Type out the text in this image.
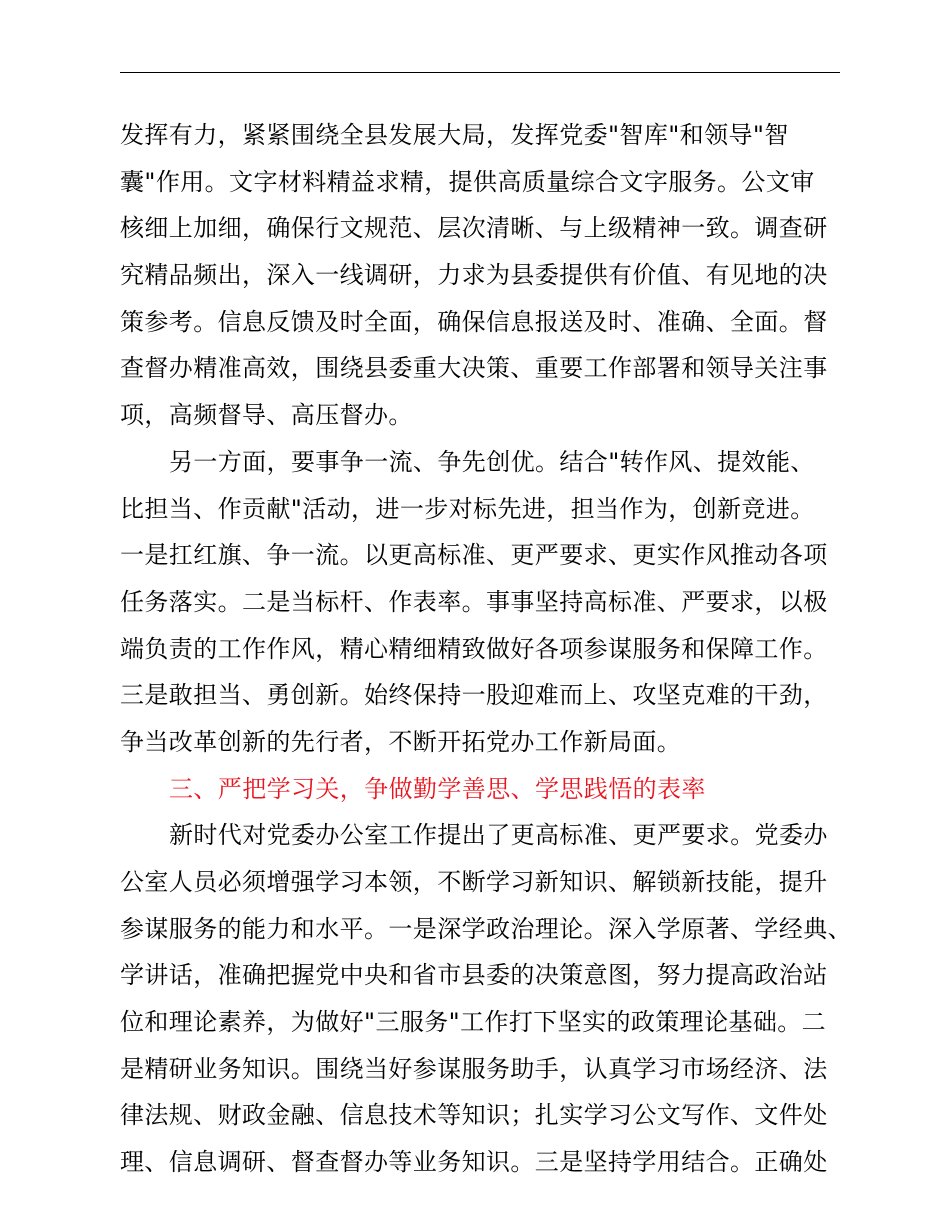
发挥有力，紧紧围绕全县发展大局，发挥党委"智库"和领导"智
囊"作用。文字材料精益求精，提供高质量综合文字服务。公文审
核细上加细，确保行文规范、层次清晰、与上级精神一致。调查研
究精品频出，深入一线调研，力求为县委提供有价值、有见地的决
策参考。信息反馈及时全面，确保信息报送及时、准确、全面。督
查督办精准高效，围绕县委重大决策、重要工作部署和领导关注事
项，高频督导、高压督办。
另一方面，要事争一流、争先创优。结合"转作风、提效能、
比担当、作贡献"活动，进一步对标先进，担当作为，创新竞进。
一是扛红旗、争一流。以更高标准、更严要求、更实作风推动各项
任务落实。二是当标杆、作表率。事事坚持高标准、严要求，以极
端负责的工作作风，精心精细精致做好各项参谋服务和保障工作。
三是敢担当、勇创新。始终保持一股迎难而上、攻坚克难的干劲，
争当改革创新的先行者，不断开拓党办工作新局面。
三、严把学习关，争做勤学善思、学思践悟的表率
新时代对党委办公室工作提出了更高标准、更严要求。党委办
公室人员必须增强学习本领，不断学习新知识、解锁新技能，提升
参谋服务的能力和水平。一是深学政治理论。深入学原著、学经典、
学讲话，准确把握党中央和省市县委的决策意图，努力提高政治站
位和理论素养，为做好"三服务"工作打下坚实的政策理论基础。二
是精研业务知识。围绕当好参谋服务助手，认真学习市场经济、法
律法规、财政金融、信息技术等知识；扎实学习公文写作、文件处
理、信息调研、督查督办等业务知识。三是坚持学用结合。正确处
